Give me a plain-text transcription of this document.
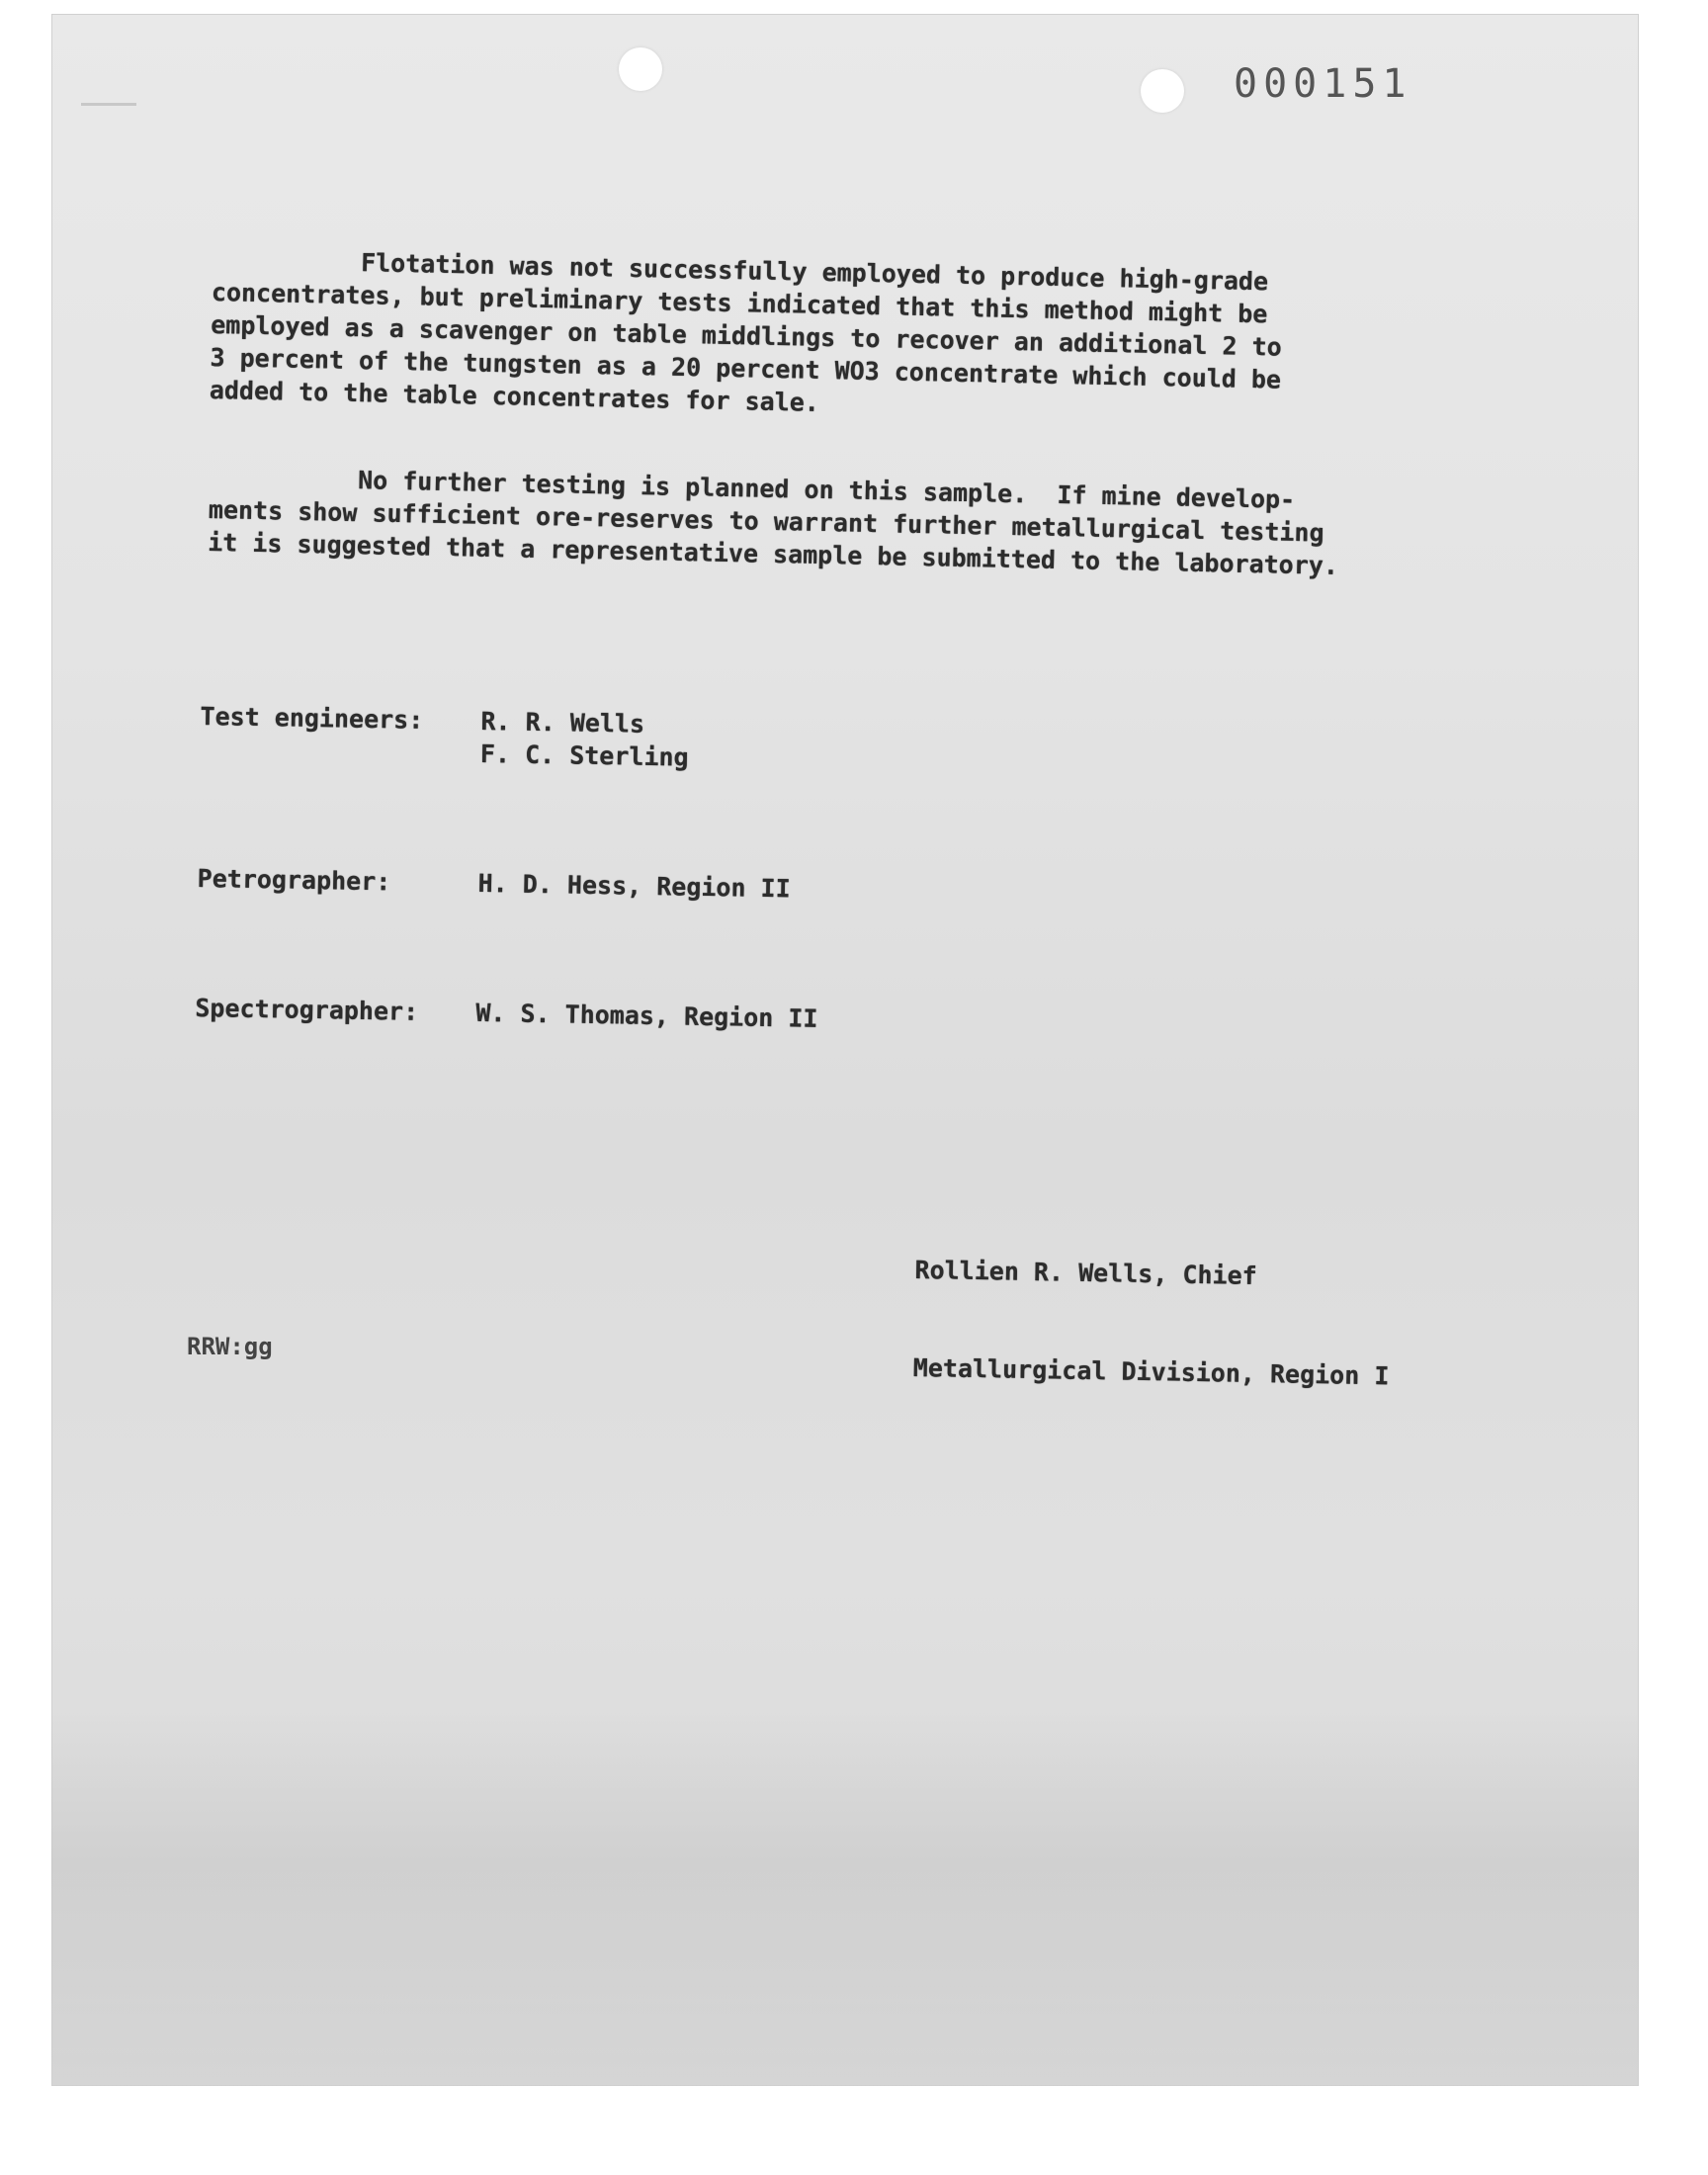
000151
Flotation was not successfully employed to produce high-grade
concentrates, but preliminary tests indicated that this method might be
employed as a scavenger on table middlings to recover an additional 2 to
3 percent of the tungsten as a 20 percent WO3 concentrate which could be
added to the table concentrates for sale.
No further testing is planned on this sample.  If mine develop-
ments show sufficient ore-reserves to warrant further metallurgical testing
it is suggested that a representative sample be submitted to the laboratory.

Test engineers:	R. R. Wells
F. C. Sterling

Petrographer:	H. D. Hess, Region II

Spectrographer:	W. S. Thomas, Region II

Rollien R. Wells, Chief

Metallurgical Division, Region I

RRW:gg
